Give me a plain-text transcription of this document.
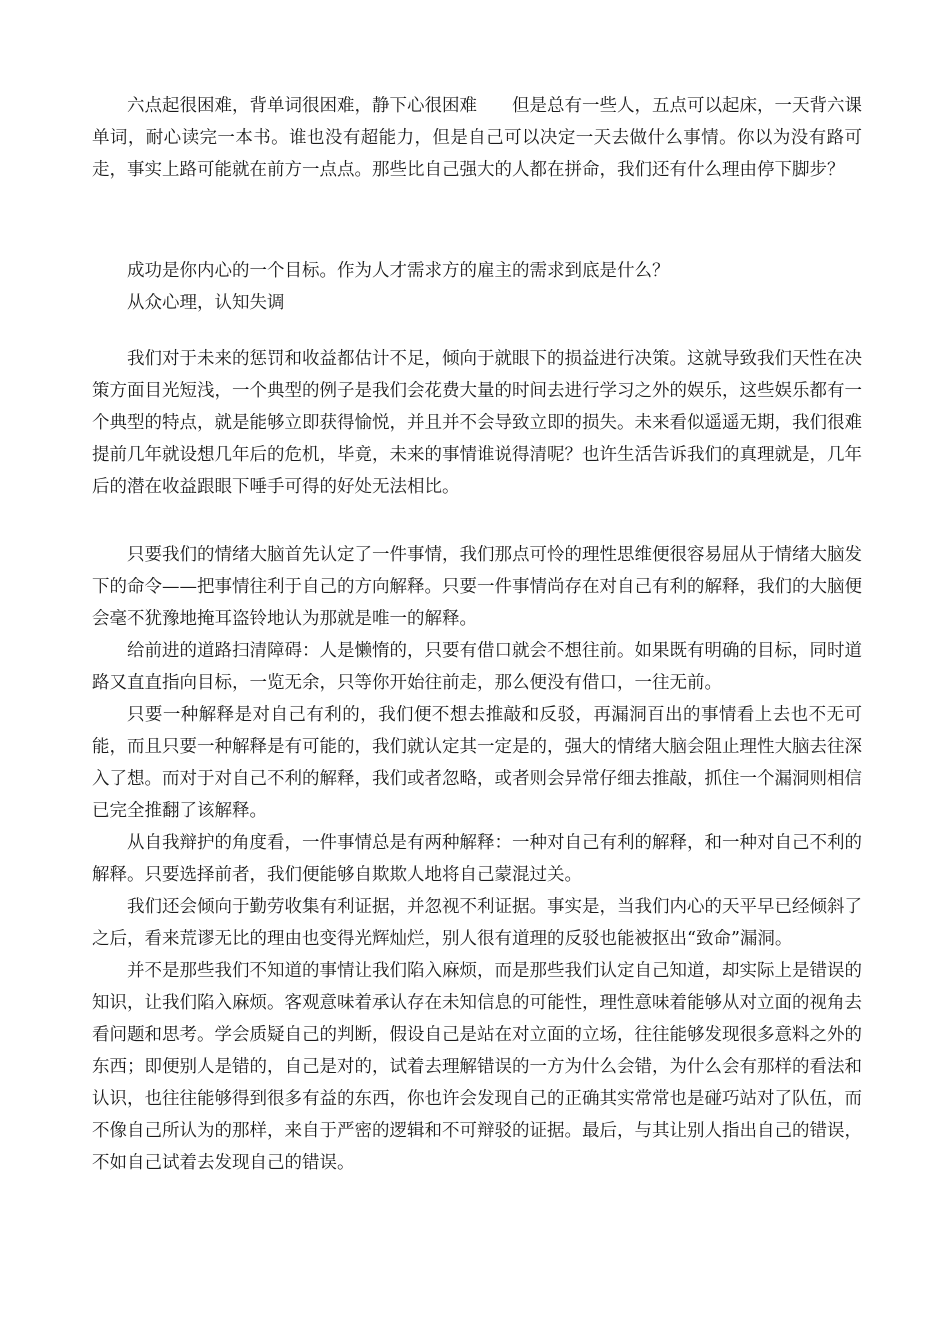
六点起很困难，背单词很困难，静下心很困难　　但是总有一些人，五点可以起床，一天背六课单词，耐心读完一本书。谁也没有超能力，但是自己可以决定一天去做什么事情。你以为没有路可走，事实上路可能就在前方一点点。那些比自己强大的人都在拼命，我们还有什么理由停下脚步？

成功是你内心的一个目标。作为人才需求方的雇主的需求到底是什么？

从众心理，认知失调

我们对于未来的惩罚和收益都估计不足，倾向于就眼下的损益进行决策。这就导致我们天性在决策方面目光短浅，一个典型的例子是我们会花费大量的时间去进行学习之外的娱乐，这些娱乐都有一个典型的特点，就是能够立即获得愉悦，并且并不会导致立即的损失。未来看似遥遥无期，我们很难提前几年就设想几年后的危机，毕竟，未来的事情谁说得清呢？也许生活告诉我们的真理就是，几年后的潜在收益跟眼下唾手可得的好处无法相比。

只要我们的情绪大脑首先认定了一件事情，我们那点可怜的理性思维便很容易屈从于情绪大脑发下的命令——把事情往利于自己的方向解释。只要一件事情尚存在对自己有利的解释，我们的大脑便会毫不犹豫地掩耳盗铃地认为那就是唯一的解释。

给前进的道路扫清障碍：人是懒惰的，只要有借口就会不想往前。如果既有明确的目标，同时道路又直直指向目标，一览无余，只等你开始往前走，那么便没有借口，一往无前。

只要一种解释是对自己有利的，我们便不想去推敲和反驳，再漏洞百出的事情看上去也不无可能，而且只要一种解释是有可能的，我们就认定其一定是的，强大的情绪大脑会阻止理性大脑去往深入了想。而对于对自己不利的解释，我们或者忽略，或者则会异常仔细去推敲，抓住一个漏洞则相信已完全推翻了该解释。

从自我辩护的角度看，一件事情总是有两种解释：一种对自己有利的解释，和一种对自己不利的解释。只要选择前者，我们便能够自欺欺人地将自己蒙混过关。

我们还会倾向于勤劳收集有利证据，并忽视不利证据。事实是，当我们内心的天平早已经倾斜了之后，看来荒谬无比的理由也变得光辉灿烂，别人很有道理的反驳也能被抠出“致命”漏洞。

并不是那些我们不知道的事情让我们陷入麻烦，而是那些我们认定自己知道，却实际上是错误的知识，让我们陷入麻烦。客观意味着承认存在未知信息的可能性，理性意味着能够从对立面的视角去看问题和思考。学会质疑自己的判断，假设自己是站在对立面的立场，往往能够发现很多意料之外的东西；即便别人是错的，自己是对的，试着去理解错误的一方为什么会错，为什么会有那样的看法和认识，也往往能够得到很多有益的东西，你也许会发现自己的正确其实常常也是碰巧站对了队伍，而不像自己所认为的那样，来自于严密的逻辑和不可辩驳的证据。最后，与其让别人指出自己的错误，不如自己试着去发现自己的错误。
